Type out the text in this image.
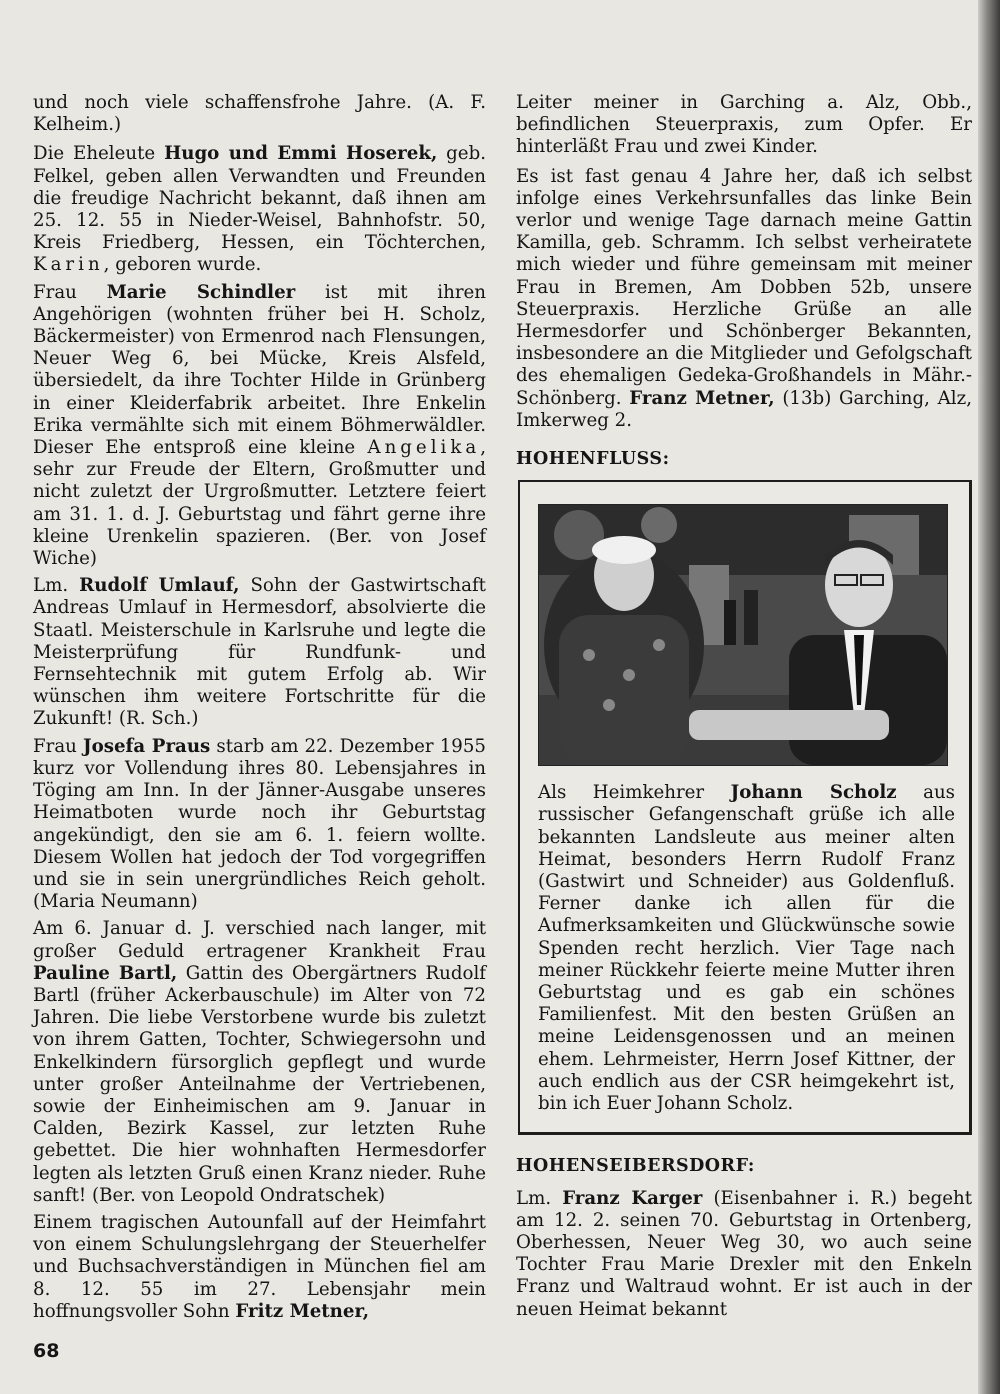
und noch viele schaffensfrohe Jahre. (A. F. Kelheim.)

Die Eheleute Hugo und Emmi Hoserek, geb. Felkel, geben allen Verwandten und Freunden die freudige Nachricht bekannt, daß ihnen am 25. 12. 55 in Nieder-Weisel, Bahnhofstr. 50, Kreis Friedberg, Hessen, ein Töchterchen, Karin, geboren wurde.

Frau Marie Schindler ist mit ihren Angehörigen (wohnten früher bei H. Scholz, Bäckermeister) von Ermenrod nach Flensungen, Neuer Weg 6, bei Mücke, Kreis Alsfeld, übersiedelt, da ihre Tochter Hilde in Grünberg in einer Kleiderfabrik arbeitet. Ihre Enkelin Erika vermählte sich mit einem Böhmerwäldler. Dieser Ehe entsproß eine kleine Angelika, sehr zur Freude der Eltern, Großmutter und nicht zuletzt der Urgroßmutter. Letztere feiert am 31. 1. d. J. Geburtstag und fährt gerne ihre kleine Urenkelin spazieren. (Ber. von Josef Wiche)

Lm. Rudolf Umlauf, Sohn der Gastwirtschaft Andreas Umlauf in Hermesdorf, absolvierte die Staatl. Meisterschule in Karlsruhe und legte die Meisterprüfung für Rundfunk- und Fernsehtechnik mit gutem Erfolg ab. Wir wünschen ihm weitere Fortschritte für die Zukunft! (R. Sch.)

Frau Josefa Praus starb am 22. Dezember 1955 kurz vor Vollendung ihres 80. Lebensjahres in Töging am Inn. In der Jänner-Ausgabe unseres Heimatboten wurde noch ihr Geburtstag angekündigt, den sie am 6. 1. feiern wollte. Diesem Wollen hat jedoch der Tod vorgegriffen und sie in sein unergründliches Reich geholt. (Maria Neumann)

Am 6. Januar d. J. verschied nach langer, mit großer Geduld ertragener Krankheit Frau Pauline Bartl, Gattin des Obergärtners Rudolf Bartl (früher Ackerbauschule) im Alter von 72 Jahren. Die liebe Verstorbene wurde bis zuletzt von ihrem Gatten, Tochter, Schwiegersohn und Enkelkindern fürsorglich gepflegt und wurde unter großer Anteilnahme der Vertriebenen, sowie der Einheimischen am 9. Januar in Calden, Bezirk Kassel, zur letzten Ruhe gebettet. Die hier wohnhaften Hermesdorfer legten als letzten Gruß einen Kranz nieder. Ruhe sanft! (Ber. von Leopold Ondratschek)

Einem tragischen Autounfall auf der Heimfahrt von einem Schulungslehrgang der Steuerhelfer und Buchsachverständigen in München fiel am 8. 12. 55 im 27. Lebensjahr mein hoffnungsvoller Sohn Fritz Metner,

Leiter meiner in Garching a. Alz, Obb., befindlichen Steuerpraxis, zum Opfer. Er hinterläßt Frau und zwei Kinder.

Es ist fast genau 4 Jahre her, daß ich selbst infolge eines Verkehrsunfalles das linke Bein verlor und wenige Tage darnach meine Gattin Kamilla, geb. Schramm. Ich selbst verheiratete mich wieder und führe gemeinsam mit meiner Frau in Bremen, Am Dobben 52b, unsere Steuerpraxis. Herzliche Grüße an alle Hermesdorfer und Schönberger Bekannten, insbesondere an die Mitglieder und Gefolgschaft des ehemaligen Gedeka-Großhandels in Mähr.-Schönberg. Franz Metner, (13b) Garching, Alz, Imkerweg 2.

HOHENFLUSS:

Als Heimkehrer Johann Scholz aus russischer Gefangenschaft grüße ich alle bekannten Landsleute aus meiner alten Heimat, besonders Herrn Rudolf Franz (Gastwirt und Schneider) aus Goldenfluß. Ferner danke ich allen für die Aufmerksamkeiten und Glückwünsche sowie Spenden recht herzlich. Vier Tage nach meiner Rückkehr feierte meine Mutter ihren Geburtstag und es gab ein schönes Familienfest. Mit den besten Grüßen an meine Leidensgenossen und an meinen ehem. Lehrmeister, Herrn Josef Kittner, der auch endlich aus der CSR heimgekehrt ist, bin ich Euer Johann Scholz.

HOHENSEIBERSDORF:

Lm. Franz Karger (Eisenbahner i. R.) begeht am 12. 2. seinen 70. Geburtstag in Ortenberg, Oberhessen, Neuer Weg 30, wo auch seine Tochter Frau Marie Drexler mit den Enkeln Franz und Waltraud wohnt. Er ist auch in der neuen Heimat bekannt

68
